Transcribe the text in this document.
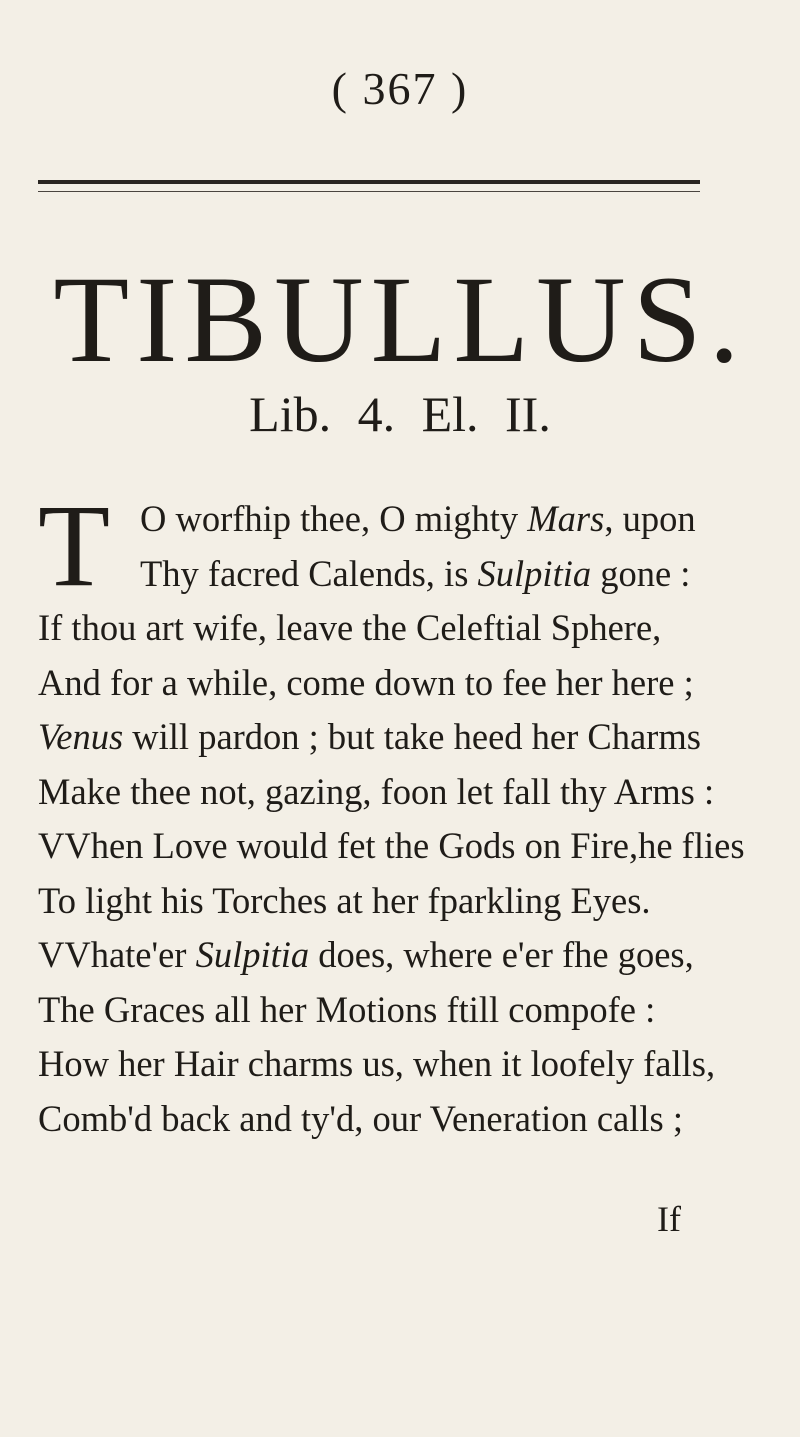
( 367 )
TIBULLUS.
Lib. 4. El. II.
T O worfhip thee, O mighty Mars, upon
Thy facred Calends, is Sulpitia gone :
If thou art wife, leave the Celeftial Sphere,
And for a while, come down to fee her here ;
Venus will pardon ; but take heed her Charms
Make thee not, gazing, foon let fall thy Arms :
VVhen Love would fet the Gods on Fire,he flies
To light his Torches at her fparkling Eyes.
VVhate'er Sulpitia does, where e'er fhe goes,
The Graces all her Motions ftill compofe :
How her Hair charms us, when it loofely falls,
Comb'd back and ty'd, our Veneration calls ;
If
